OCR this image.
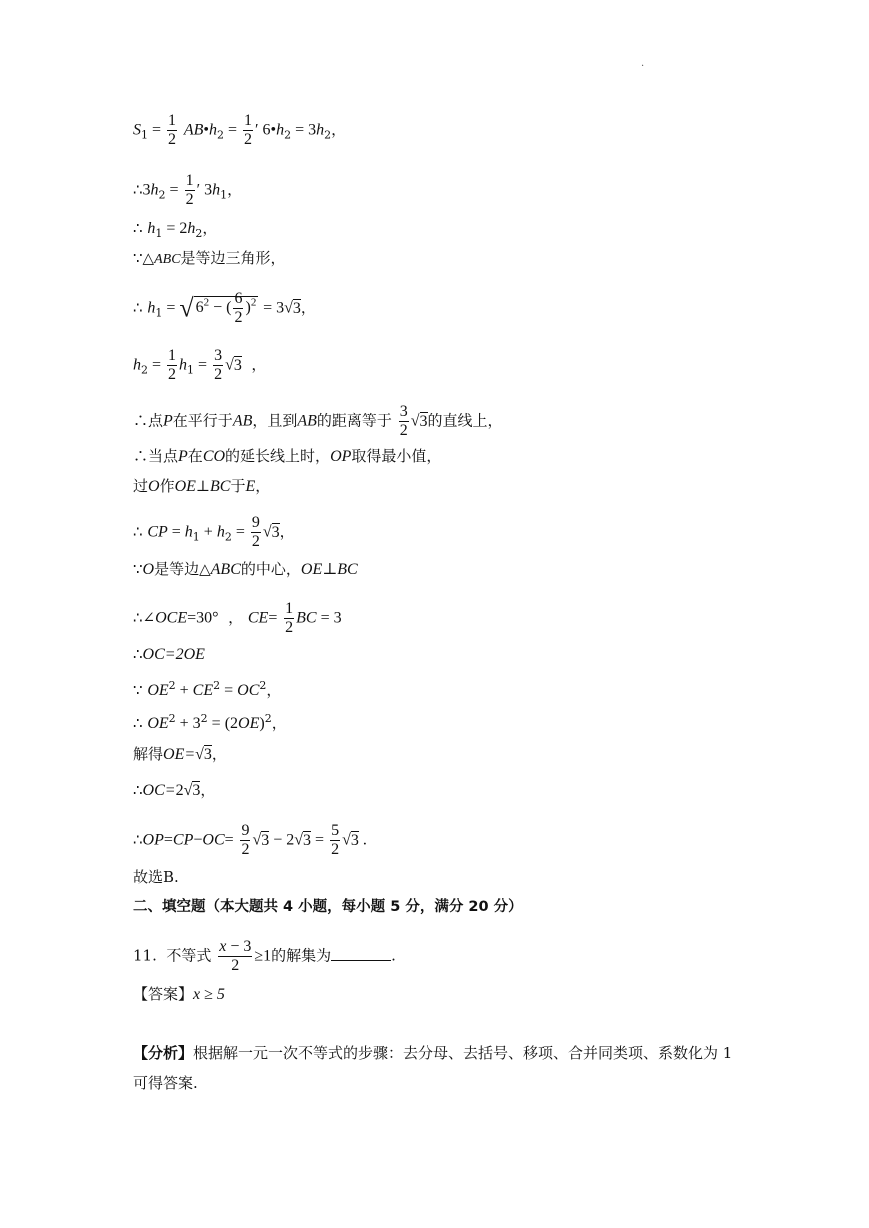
.
$S_1 = \frac{1}{2}$ $AB•h_2 = \frac{1}{2}$ ′ $6•h_2 = 3h_2$，
$\therefore 3h_2 = \frac{1}{2}$ ′ $3h_1$，
∴ $h_1 = 2h_2$，
∵△ABC是等边三角形，
∴ $h_1$ = √ $6^2$ − ( $\frac{6}{2} )^2 = 3√3$，
$h_2 = \frac{1}{2} h_1 = \frac{3}{2} √3$  ，
∴点P在平行于AB，且到AB的距离等于 $\frac{3}{2} √3$的直线上，
∴当点P在CO的延长线上时，OP取得最小值，
过O作OE⊥BC于E，
∴ CP = $h_1 + h_2 = \frac{9}{2} √3$，
∵O是等边△ABC的中心，OE⊥BC
∴∠OCE=30°  ， $CE= \frac{1}{2}$ BC = 3
∴OC=2OE
∵ $OE^2 + CE^2 = OC^2$，
∴ $OE^2 + 3^2 = (2OE)^2$，
解得OE=√3，
∴OC=2√3，
∴OP=CP−OC= $\frac{9}{2} √3 - 2√3 = \frac{5}{2} √3$ .
故选B.
二、填空题（本大题共 4 小题，每小题 5 分，满分 20 分）
11. 不等式 $\frac{x - 3}{2} \ge 1$的解集为	.
【答案】x ≥ 5
【分析】根据解一元一次不等式的步骤：去分母、去括号、移项、合并同类项、系数化为 1
可得答案.
